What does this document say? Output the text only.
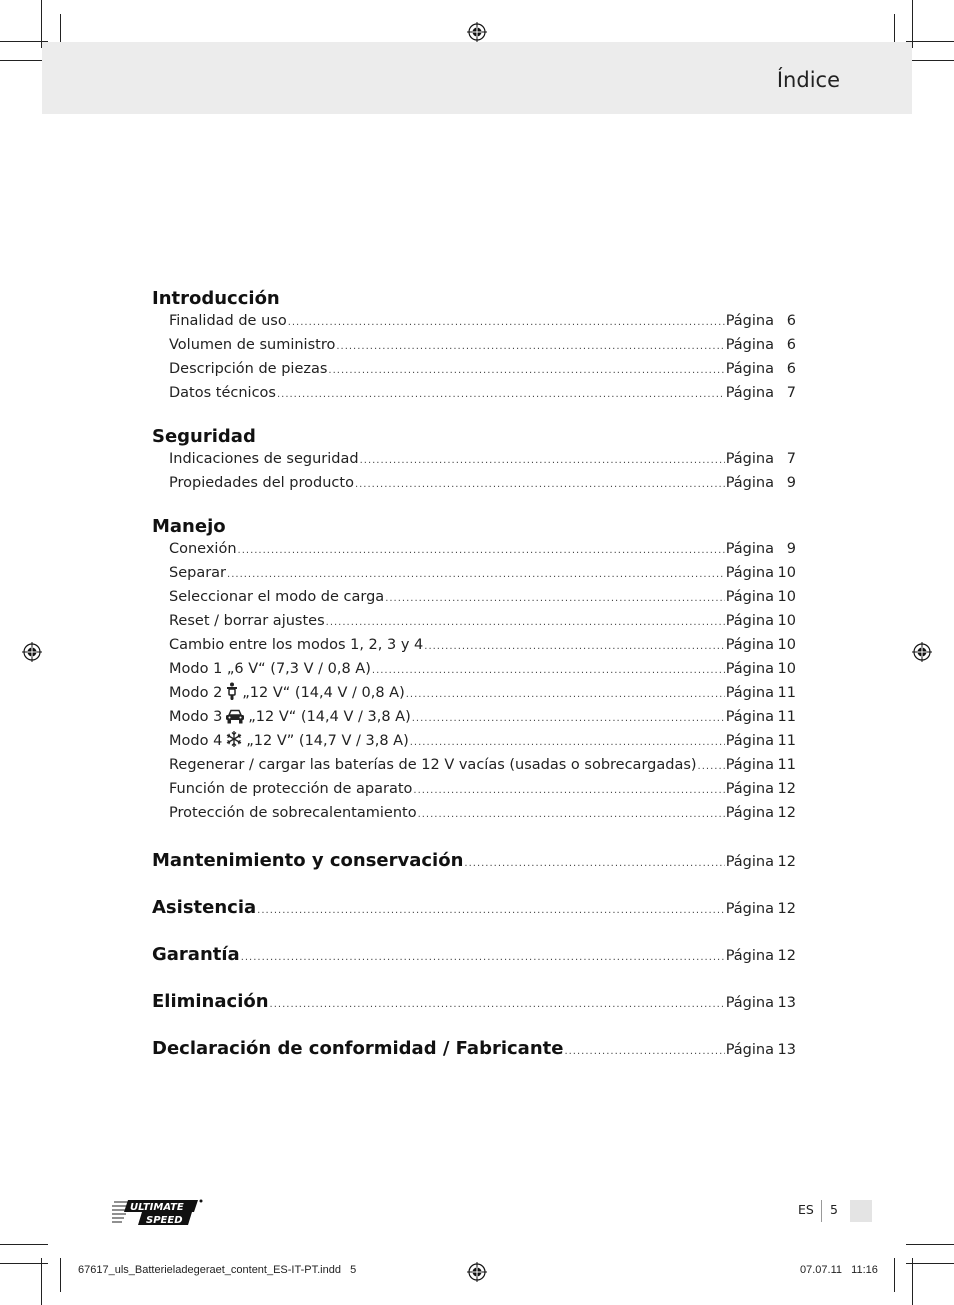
Índice
Introducción
Finalidad de uso .....	Página 6
Volumen de suministro .....	Página 6
Descripción de piezas .....	Página 6
Datos técnicos .....	Página 7
Seguridad
Indicaciones de seguridad .....	Página 7
Propiedades del producto .....	Página 9
Manejo
Conexión .....	Página 9
Separar .....	Página 10
Seleccionar el modo de carga .....	Página 10
Reset / borrar ajustes .....	Página 10
Cambio entre los modos 1, 2, 3 y 4 .....	Página 10
Modo 1 „6 V“ (7,3 V / 0,8 A) .....	Página 10
Modo 2 „12 V“ (14,4 V / 0,8 A) .....	Página 11
Modo 3 „12 V“ (14,4 V / 3,8 A) .....	Página 11
Modo 4 „12 V” (14,7 V / 3,8 A) .....	Página 11
Regenerar / cargar las baterías de 12 V vacías (usadas o sobrecargadas) ..... Página 11
Función de protección de aparato .....	Página 12
Protección de sobrecalentamiento .....	Página 12
Mantenimiento y conservación .....	Página 12
Asistencia .....	Página 12
Garantía .....	Página 12
Eliminación .....	Página 13
Declaración de conformidad / Fabricante .....	Página 13
ULTIMATE
SPEED
ES 5
67617_uls_Batterieladegeraet_content_ES-IT-PT.indd   5	07.07.11   11:16
